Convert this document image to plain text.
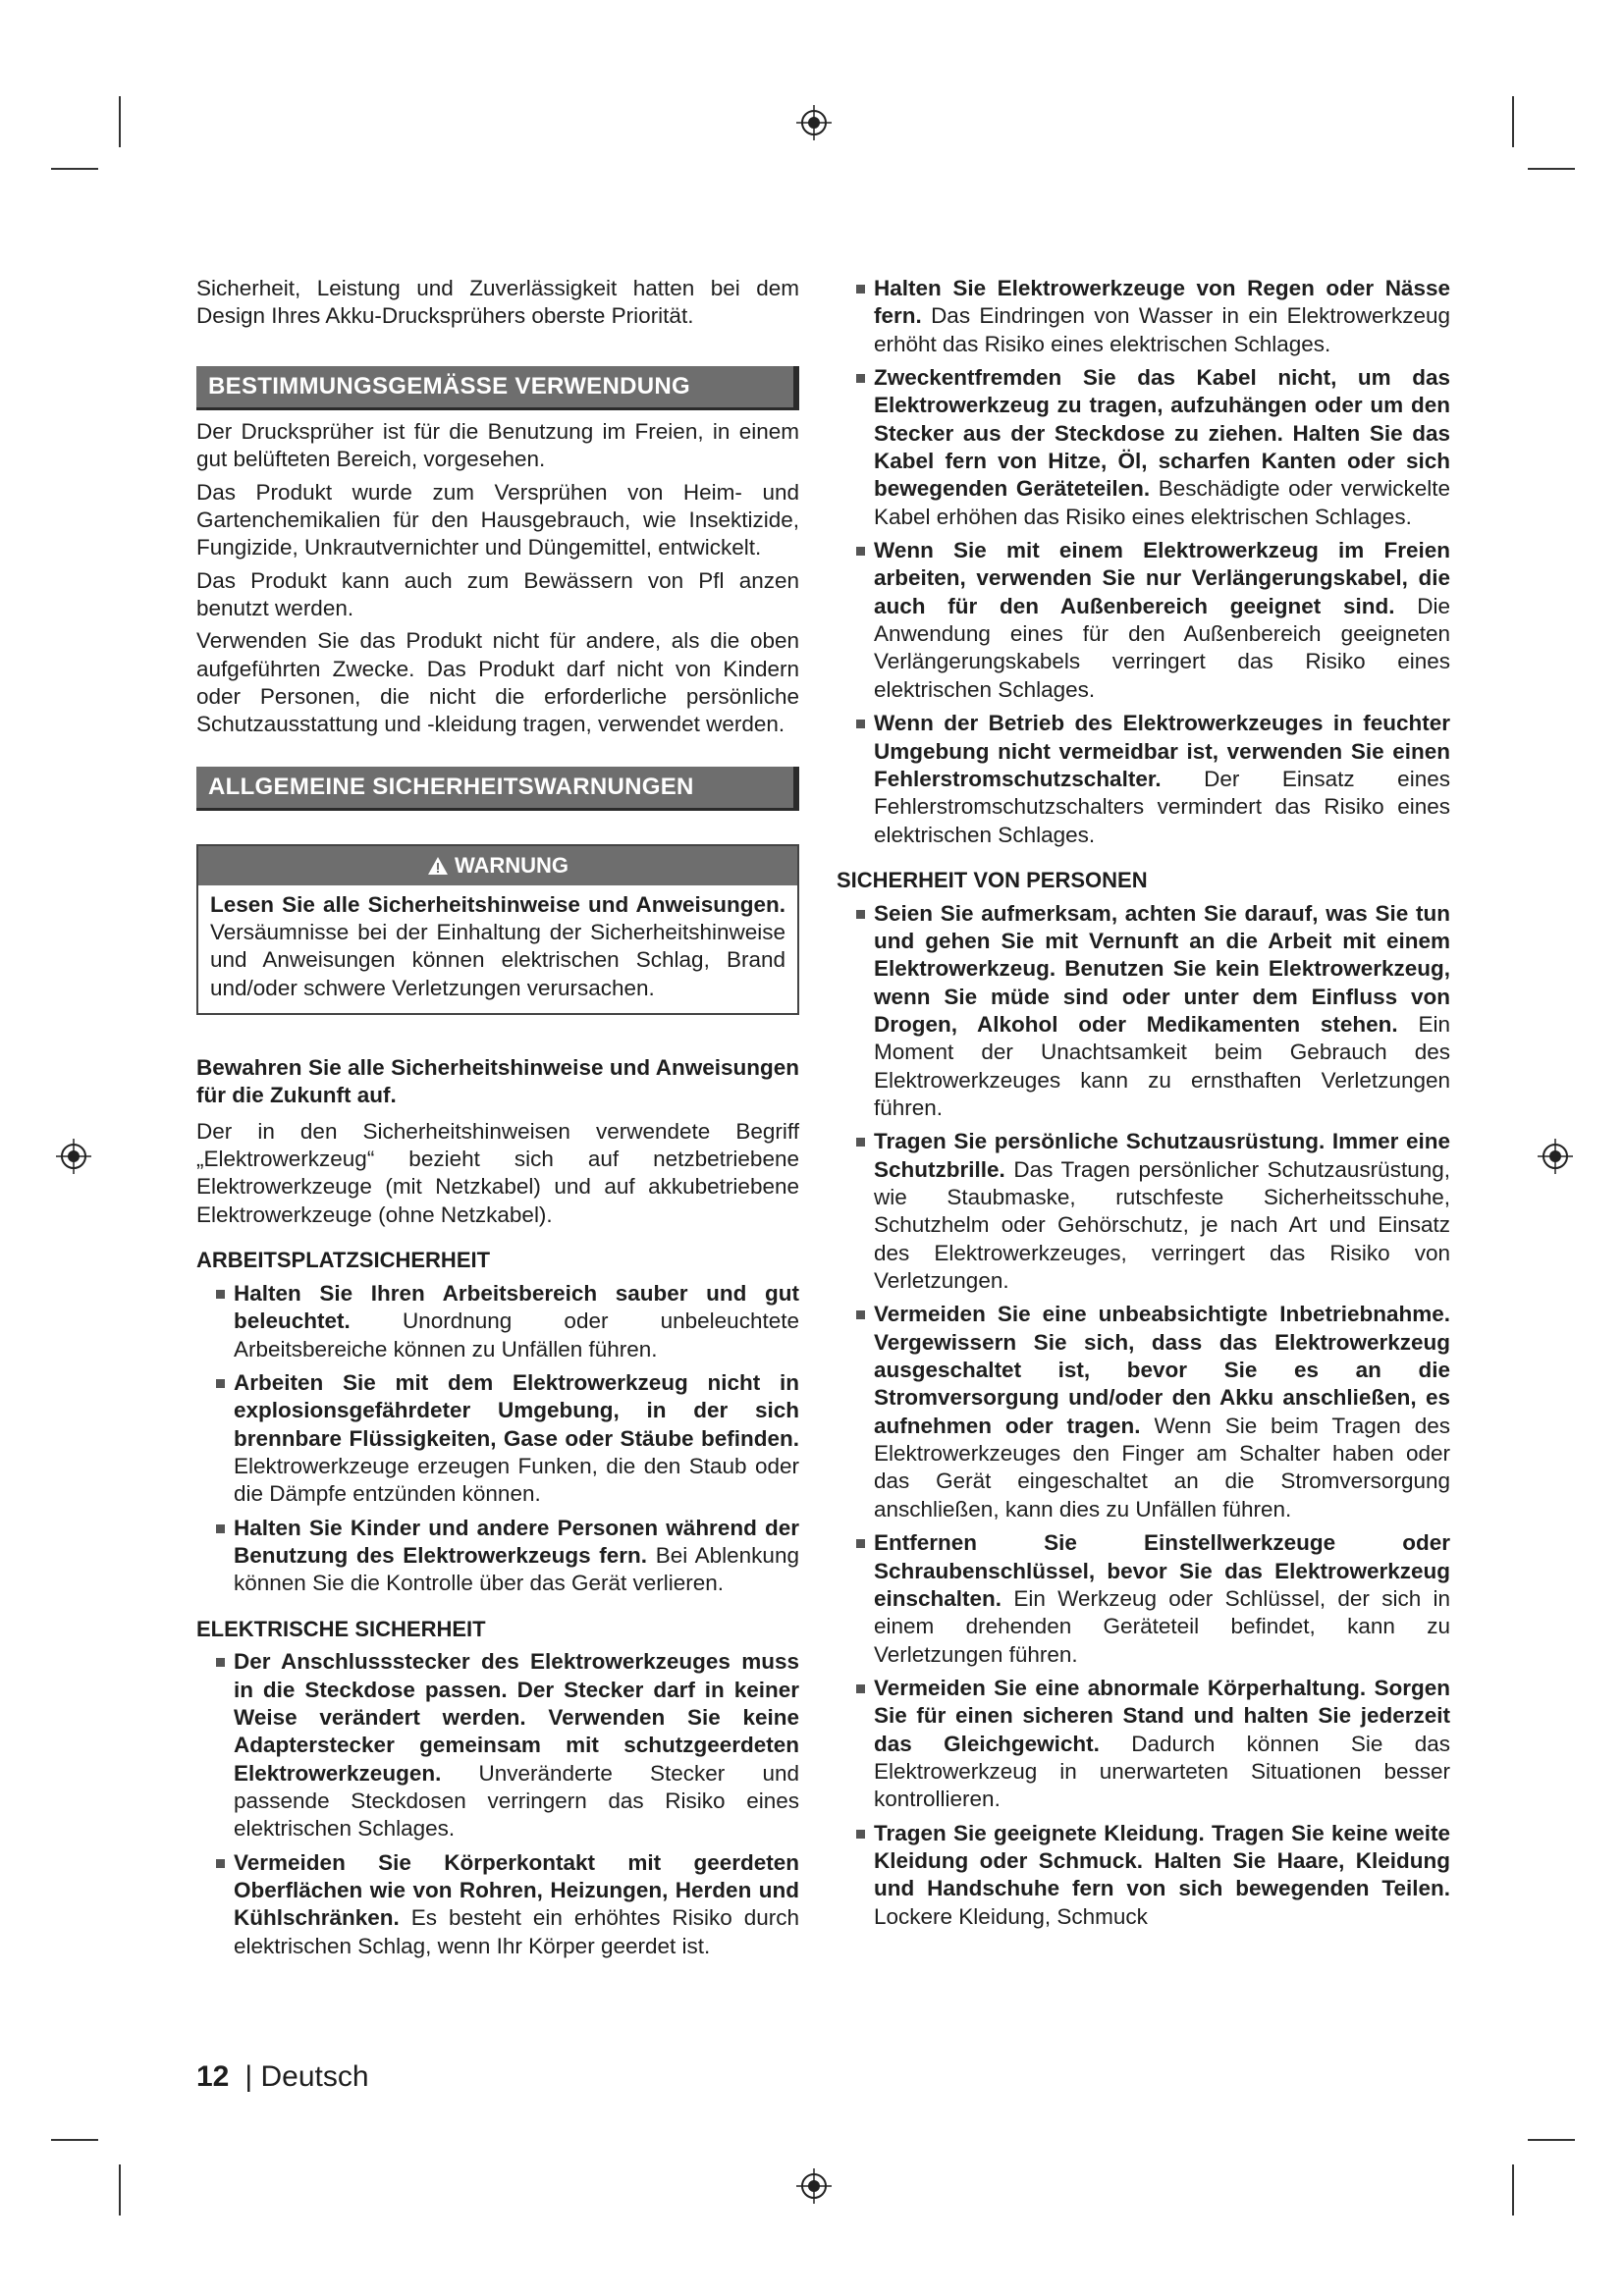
Sicherheit, Leistung und Zuverlässigkeit hatten bei dem Design Ihres Akku-Drucksprühers oberste Priorität.

BESTIMMUNGSGEMÄSSE VERWENDUNG

Der Drucksprüher ist für die Benutzung im Freien, in einem gut belüfteten Bereich, vorgesehen.

Das Produkt wurde zum Versprühen von Heim- und Gartenchemikalien für den Hausgebrauch, wie Insektizide, Fungizide, Unkrautvernichter und Düngemittel, entwickelt.

Das Produkt kann auch zum Bewässern von Pfl anzen benutzt werden.

Verwenden Sie das Produkt nicht für andere, als die oben aufgeführten Zwecke. Das Produkt darf nicht von Kindern oder Personen, die nicht die erforderliche persönliche Schutzausstattung und -kleidung tragen, verwendet werden.

ALLGEMEINE SICHERHEITSWARNUNGEN
WARNUNG

Lesen Sie alle Sicherheitshinweise und Anweisungen. Versäumnisse bei der Einhaltung der Sicherheitshinweise und Anweisungen können elektrischen Schlag, Brand und/oder schwere Verletzungen verursachen.

Bewahren Sie alle Sicherheitshinweise und Anweisungen für die Zukunft auf.

Der in den Sicherheitshinweisen verwendete Begriff „Elektrowerkzeug“ bezieht sich auf netzbetriebene Elektrowerkzeuge (mit Netzkabel) und auf akkubetriebene Elektrowerkzeuge (ohne Netzkabel).

ARBEITSPLATZSICHERHEIT
Halten Sie Ihren Arbeitsbereich sauber und gut beleuchtet. Unordnung oder unbeleuchtete Arbeitsbereiche können zu Unfällen führen.
Arbeiten Sie mit dem Elektrowerkzeug nicht in explosionsgefährdeter Umgebung, in der sich brennbare Flüssigkeiten, Gase oder Stäube befinden. Elektrowerkzeuge erzeugen Funken, die den Staub oder die Dämpfe entzünden können.
Halten Sie Kinder und andere Personen während der Benutzung des Elektrowerkzeugs fern. Bei Ablenkung können Sie die Kontrolle über das Gerät verlieren.
ELEKTRISCHE SICHERHEIT
Der Anschlussstecker des Elektrowerkzeuges muss in die Steckdose passen. Der Stecker darf in keiner Weise verändert werden. Verwenden Sie keine Adapterstecker gemeinsam mit schutzgeerdeten Elektrowerkzeugen. Unveränderte Stecker und passende Steckdosen verringern das Risiko eines elektrischen Schlages.
Vermeiden Sie Körperkontakt mit geerdeten Oberflächen wie von Rohren, Heizungen, Herden und Kühlschränken. Es besteht ein erhöhtes Risiko durch elektrischen Schlag, wenn Ihr Körper geerdet ist.
Halten Sie Elektrowerkzeuge von Regen oder Nässe fern. Das Eindringen von Wasser in ein Elektrowerkzeug erhöht das Risiko eines elektrischen Schlages.
Zweckentfremden Sie das Kabel nicht, um das Elektrowerkzeug zu tragen, aufzuhängen oder um den Stecker aus der Steckdose zu ziehen. Halten Sie das Kabel fern von Hitze, Öl, scharfen Kanten oder sich bewegenden Geräteteilen. Beschädigte oder verwickelte Kabel erhöhen das Risiko eines elektrischen Schlages.
Wenn Sie mit einem Elektrowerkzeug im Freien arbeiten, verwenden Sie nur Verlängerungskabel, die auch für den Außenbereich geeignet sind. Die Anwendung eines für den Außenbereich geeigneten Verlängerungskabels verringert das Risiko eines elektrischen Schlages.
Wenn der Betrieb des Elektrowerkzeuges in feuchter Umgebung nicht vermeidbar ist, verwenden Sie einen Fehlerstromschutzschalter. Der Einsatz eines Fehlerstromschutzschalters vermindert das Risiko eines elektrischen Schlages.
SICHERHEIT VON PERSONEN
Seien Sie aufmerksam, achten Sie darauf, was Sie tun und gehen Sie mit Vernunft an die Arbeit mit einem Elektrowerkzeug. Benutzen Sie kein Elektrowerkzeug, wenn Sie müde sind oder unter dem Einfluss von Drogen, Alkohol oder Medikamenten stehen. Ein Moment der Unachtsamkeit beim Gebrauch des Elektrowerkzeuges kann zu ernsthaften Verletzungen führen.
Tragen Sie persönliche Schutzausrüstung. Immer eine Schutzbrille. Das Tragen persönlicher Schutzausrüstung, wie Staubmaske, rutschfeste Sicherheitsschuhe, Schutzhelm oder Gehörschutz, je nach Art und Einsatz des Elektrowerkzeuges, verringert das Risiko von Verletzungen.
Vermeiden Sie eine unbeabsichtigte Inbetriebnahme. Vergewissern Sie sich, dass das Elektrowerkzeug ausgeschaltet ist, bevor Sie es an die Stromversorgung und/oder den Akku anschließen, es aufnehmen oder tragen. Wenn Sie beim Tragen des Elektrowerkzeuges den Finger am Schalter haben oder das Gerät eingeschaltet an die Stromversorgung anschließen, kann dies zu Unfällen führen.
Entfernen Sie Einstellwerkzeuge oder Schraubenschlüssel, bevor Sie das Elektrowerkzeug einschalten. Ein Werkzeug oder Schlüssel, der sich in einem drehenden Geräteteil befindet, kann zu Verletzungen führen.
Vermeiden Sie eine abnormale Körperhaltung. Sorgen Sie für einen sicheren Stand und halten Sie jederzeit das Gleichgewicht. Dadurch können Sie das Elektrowerkzeug in unerwarteten Situationen besser kontrollieren.
Tragen Sie geeignete Kleidung. Tragen Sie keine weite Kleidung oder Schmuck. Halten Sie Haare, Kleidung und Handschuhe fern von sich bewegenden Teilen. Lockere Kleidung, Schmuck
12 | Deutsch
